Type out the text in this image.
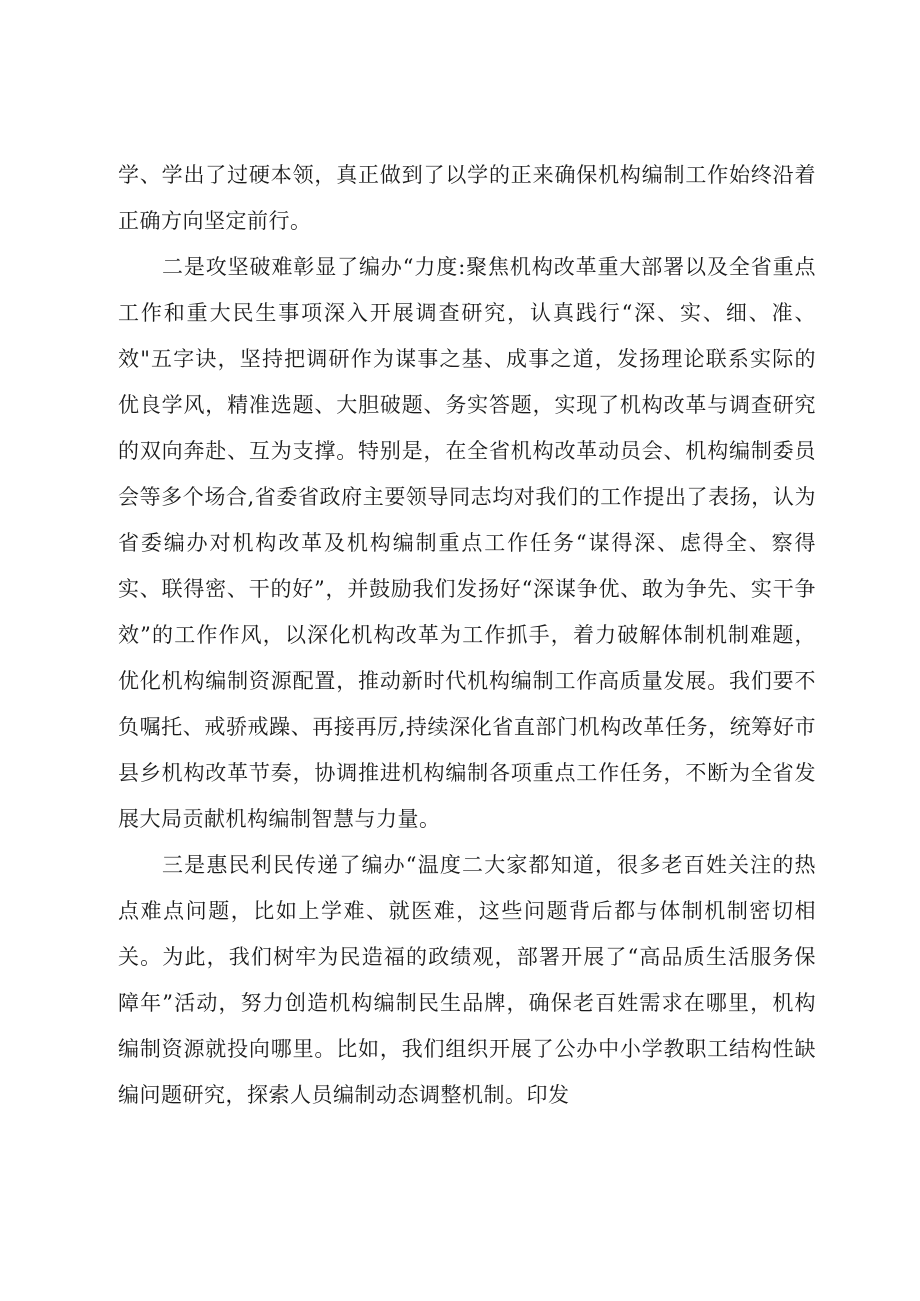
学、学出了过硬本领，真正做到了以学的正来确保机构编制工作始终沿着正确方向坚定前行。

二是攻坚破难彰显了编办“力度:聚焦机构改革重大部署以及全省重点工作和重大民生事项深入开展调查研究，认真践行“深、实、细、准、效"五字诀，坚持把调研作为谋事之基、成事之道，发扬理论联系实际的优良学风，精准选题、大胆破题、务实答题，实现了机构改革与调查研究的双向奔赴、互为支撑。特别是，在全省机构改革动员会、机构编制委员会等多个场合,省委省政府主要领导同志均对我们的工作提出了表扬，认为省委编办对机构改革及机构编制重点工作任务“谋得深、虑得全、察得实、联得密、干的好”，并鼓励我们发扬好“深谋争优、敢为争先、实干争效”的工作作风，以深化机构改革为工作抓手，着力破解体制机制难题，优化机构编制资源配置，推动新时代机构编制工作高质量发展。我们要不负嘱托、戒骄戒躁、再接再厉,持续深化省直部门机构改革任务，统筹好市县乡机构改革节奏，协调推进机构编制各项重点工作任务，不断为全省发展大局贡献机构编制智慧与力量。

三是惠民利民传递了编办“温度二大家都知道，很多老百姓关注的热点难点问题，比如上学难、就医难，这些问题背后都与体制机制密切相关。为此，我们树牢为民造福的政绩观，部署开展了“高品质生活服务保障年”活动，努力创造机构编制民生品牌，确保老百姓需求在哪里，机构编制资源就投向哪里。比如，我们组织开展了公办中小学教职工结构性缺编问题研究，探索人员编制动态调整机制。印发
